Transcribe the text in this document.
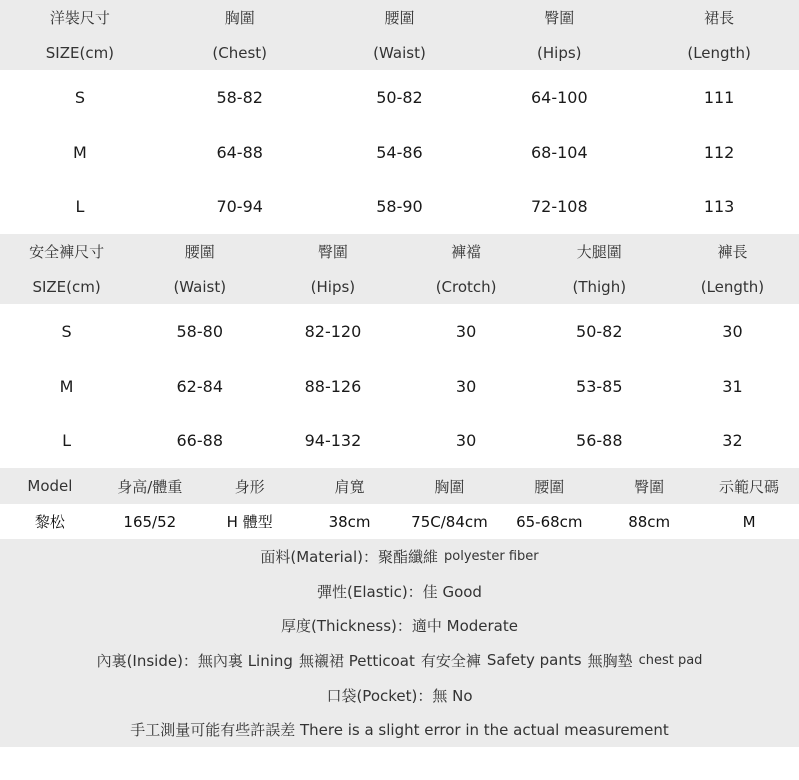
洋裝尺寸	胸圍	腰圍	臀圍	裙長
SIZE(cm)	(Chest)	(Waist)	(Hips)	(Length)
S	58-82	50-82	64-100	111
M	64-88	54-86	68-104	112
L	70-94	58-90	72-108	113
安全褲尺寸	腰圍	臀圍	褲襠	大腿圍	褲長
SIZE(cm)	(Waist)	(Hips)	(Crotch)	(Thigh)	(Length)
S	58-80	82-120	30	50-82	30
M	62-84	88-126	30	53-85	31
L	66-88	94-132	30	56-88	32
Model	身高/體重	身形	肩寬	胸圍	腰圍	臀圍	示範尺碼
黎松	165/52	H 體型	38cm	75C/84cm	65-68cm	88cm	M
面料(Material)：聚酯纖維 polyester fiber
彈性(Elastic)：佳 Good
厚度(Thickness)：適中 Moderate
內裏(Inside)：無內裏 Lining 無襯裙 Petticoat 有安全褲 Safety pants 無胸墊 chest pad
口袋(Pocket)：無 No
手工測量可能有些許誤差 There is a slight error in the actual measurement
